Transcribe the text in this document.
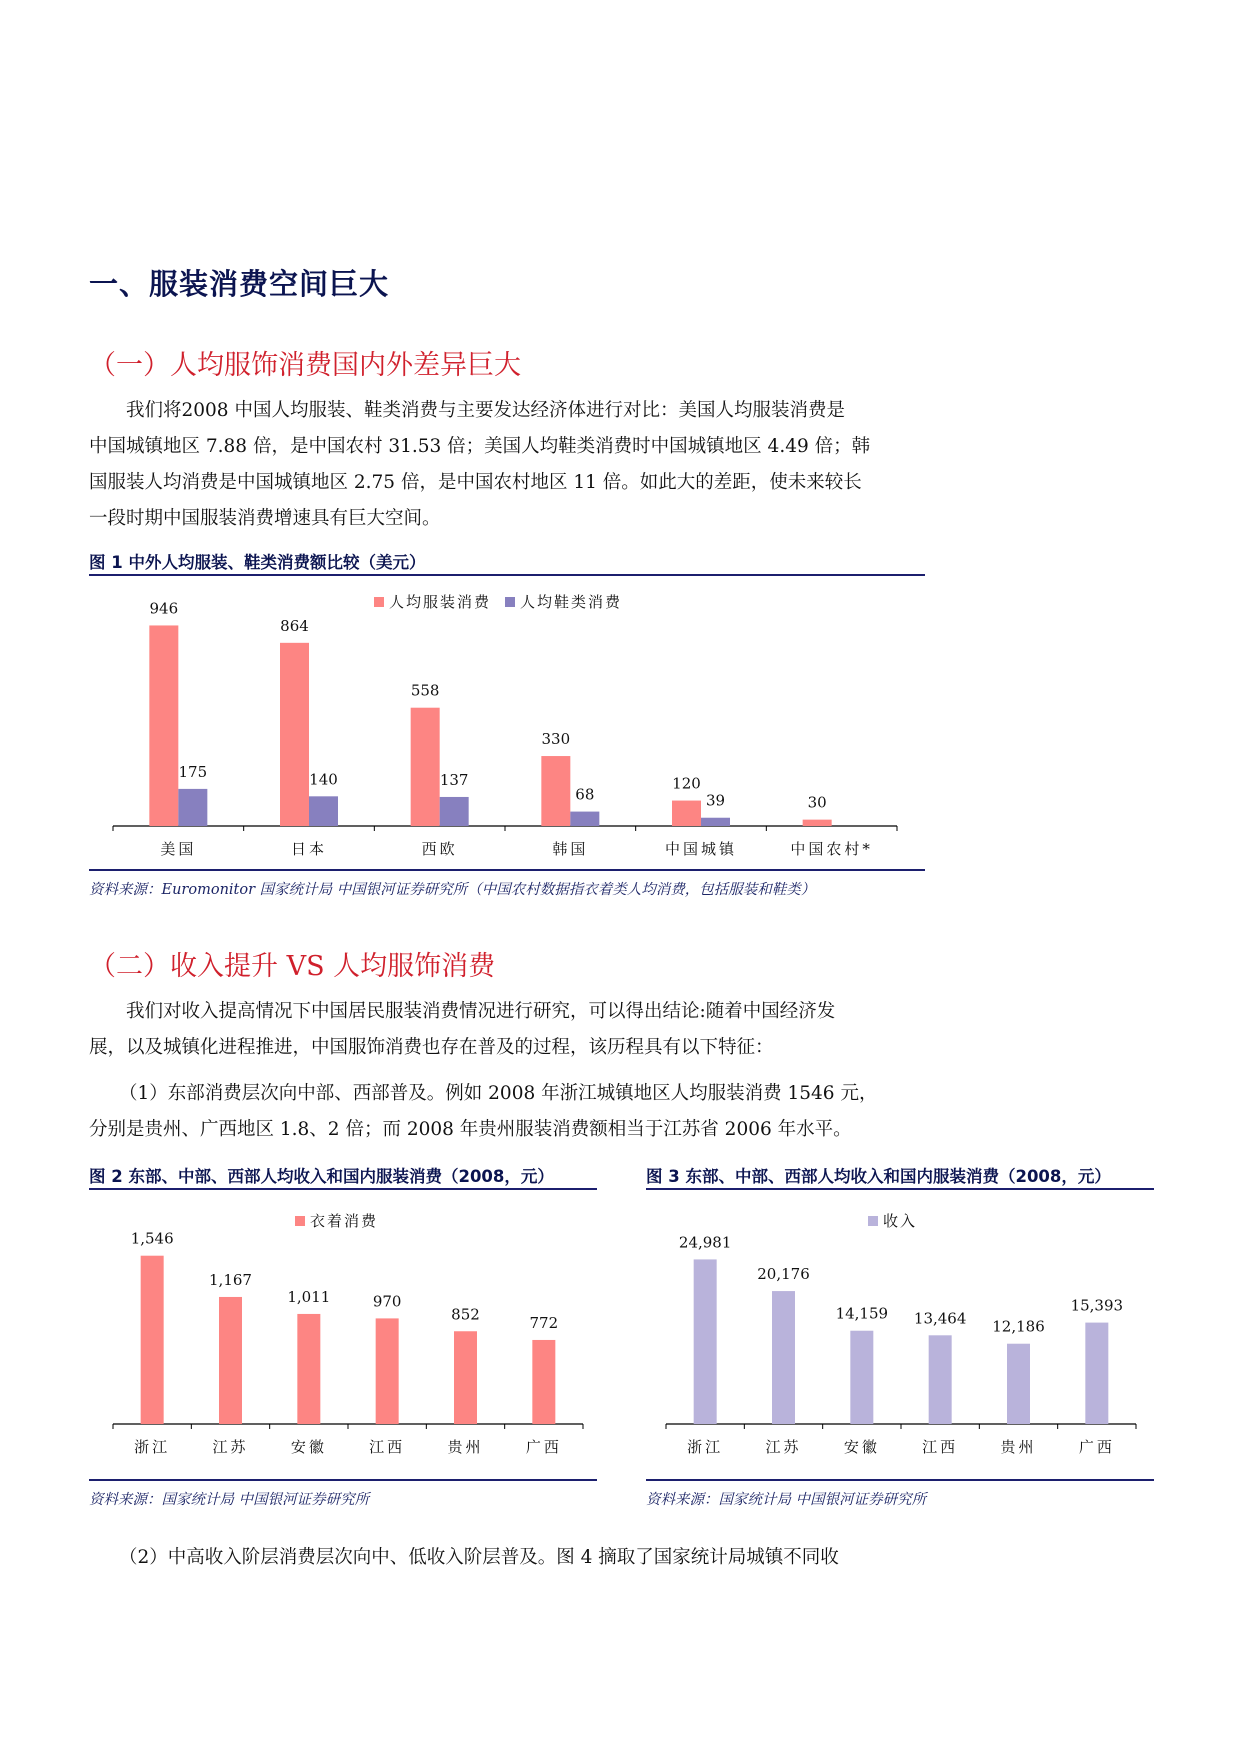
一、服装消费空间巨大
（一）人均服饰消费国内外差异巨大
我们将2008 中国人均服装、鞋类消费与主要发达经济体进行对比：美国人均服装消费是
中国城镇地区 7.88 倍，是中国农村 31.53 倍；美国人均鞋类消费时中国城镇地区 4.49 倍；韩
国服装人均消费是中国城镇地区 2.75 倍，是中国农村地区 11 倍。如此大的差距，使未来较长
一段时期中国服装消费增速具有巨大空间。
图 1 中外人均服装、鞋类消费额比较（美元）
946
175
美国
864
140
日本
558
137
西欧
330
68
韩国
120
39
中国城镇
30
中国农村*
人均服装消费 人均鞋类消费
资料来源：Euromonitor 国家统计局 中国银河证券研究所（中国农村数据指衣着类人均消费，包括服装和鞋类）
（二）收入提升 VS 人均服饰消费
我们对收入提高情况下中国居民服装消费情况进行研究，可以得出结论:随着中国经济发
展，以及城镇化进程推进，中国服饰消费也存在普及的过程，该历程具有以下特征：
（1）东部消费层次向中部、西部普及。例如 2008 年浙江城镇地区人均服装消费 1546 元，
分别是贵州、广西地区 1.8、2 倍；而 2008 年贵州服装消费额相当于江苏省 2006 年水平。
图 2 东部、中部、西部人均收入和国内服装消费（2008，元）
1,546
浙江
1,167
江苏
1,011
安徽
970
江西
852
贵州
772
广西
衣着消费
资料来源：国家统计局 中国银河证券研究所
图 3 东部、中部、西部人均收入和国内服装消费（2008，元）
24,981
浙江
20,176
江苏
14,159
安徽
13,464
江西
12,186
贵州
15,393
广西
收入
资料来源：国家统计局 中国银河证券研究所
（2）中高收入阶层消费层次向中、低收入阶层普及。图 4 摘取了国家统计局城镇不同收
